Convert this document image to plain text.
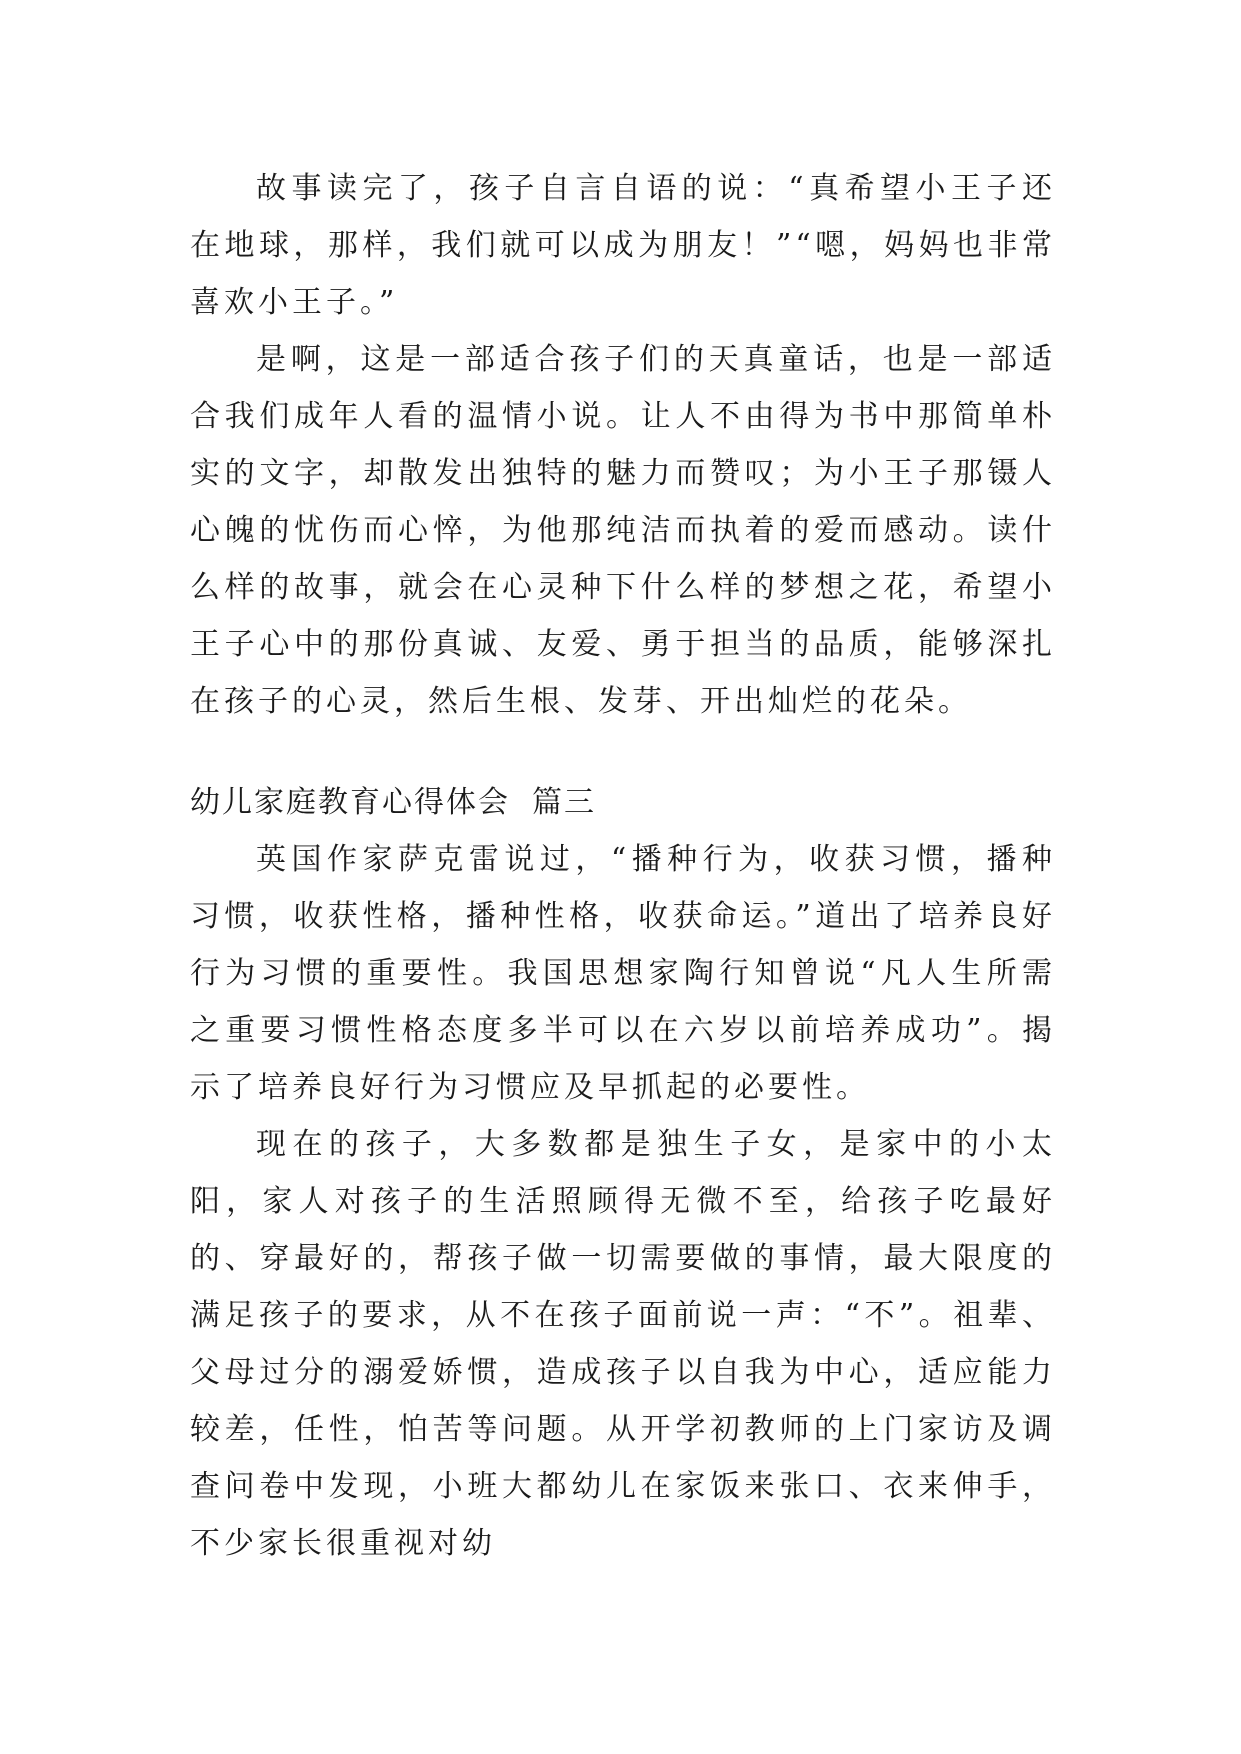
故事读完了，孩子自言自语的说：“真希望小王子还在地球，那样，我们就可以成为朋友！”“嗯，妈妈也非常喜欢小王子。”

是啊，这是一部适合孩子们的天真童话，也是一部适合我们成年人看的温情小说。让人不由得为书中那简单朴实的文字，却散发出独特的魅力而赞叹；为小王子那镊人心魄的忧伤而心悴，为他那纯洁而执着的爱而感动。读什么样的故事，就会在心灵种下什么样的梦想之花，希望小王子心中的那份真诚、友爱、勇于担当的品质，能够深扎在孩子的心灵，然后生根、发芽、开出灿烂的花朵。

幼儿家庭教育心得体会 篇三

英国作家萨克雷说过，“播种行为，收获习惯，播种习惯，收获性格，播种性格，收获命运。”道出了培养良好行为习惯的重要性。我国思想家陶行知曾说“凡人生所需之重要习惯性格态度多半可以在六岁以前培养成功”。揭示了培养良好行为习惯应及早抓起的必要性。

现在的孩子，大多数都是独生子女，是家中的小太阳，家人对孩子的生活照顾得无微不至，给孩子吃最好的、穿最好的，帮孩子做一切需要做的事情，最大限度的满足孩子的要求，从不在孩子面前说一声：“不”。祖辈、父母过分的溺爱娇惯，造成孩子以自我为中心，适应能力较差，任性，怕苦等问题。从开学初教师的上门家访及调查问卷中发现，小班大都幼儿在家饭来张口、衣来伸手，不少家长很重视对幼
